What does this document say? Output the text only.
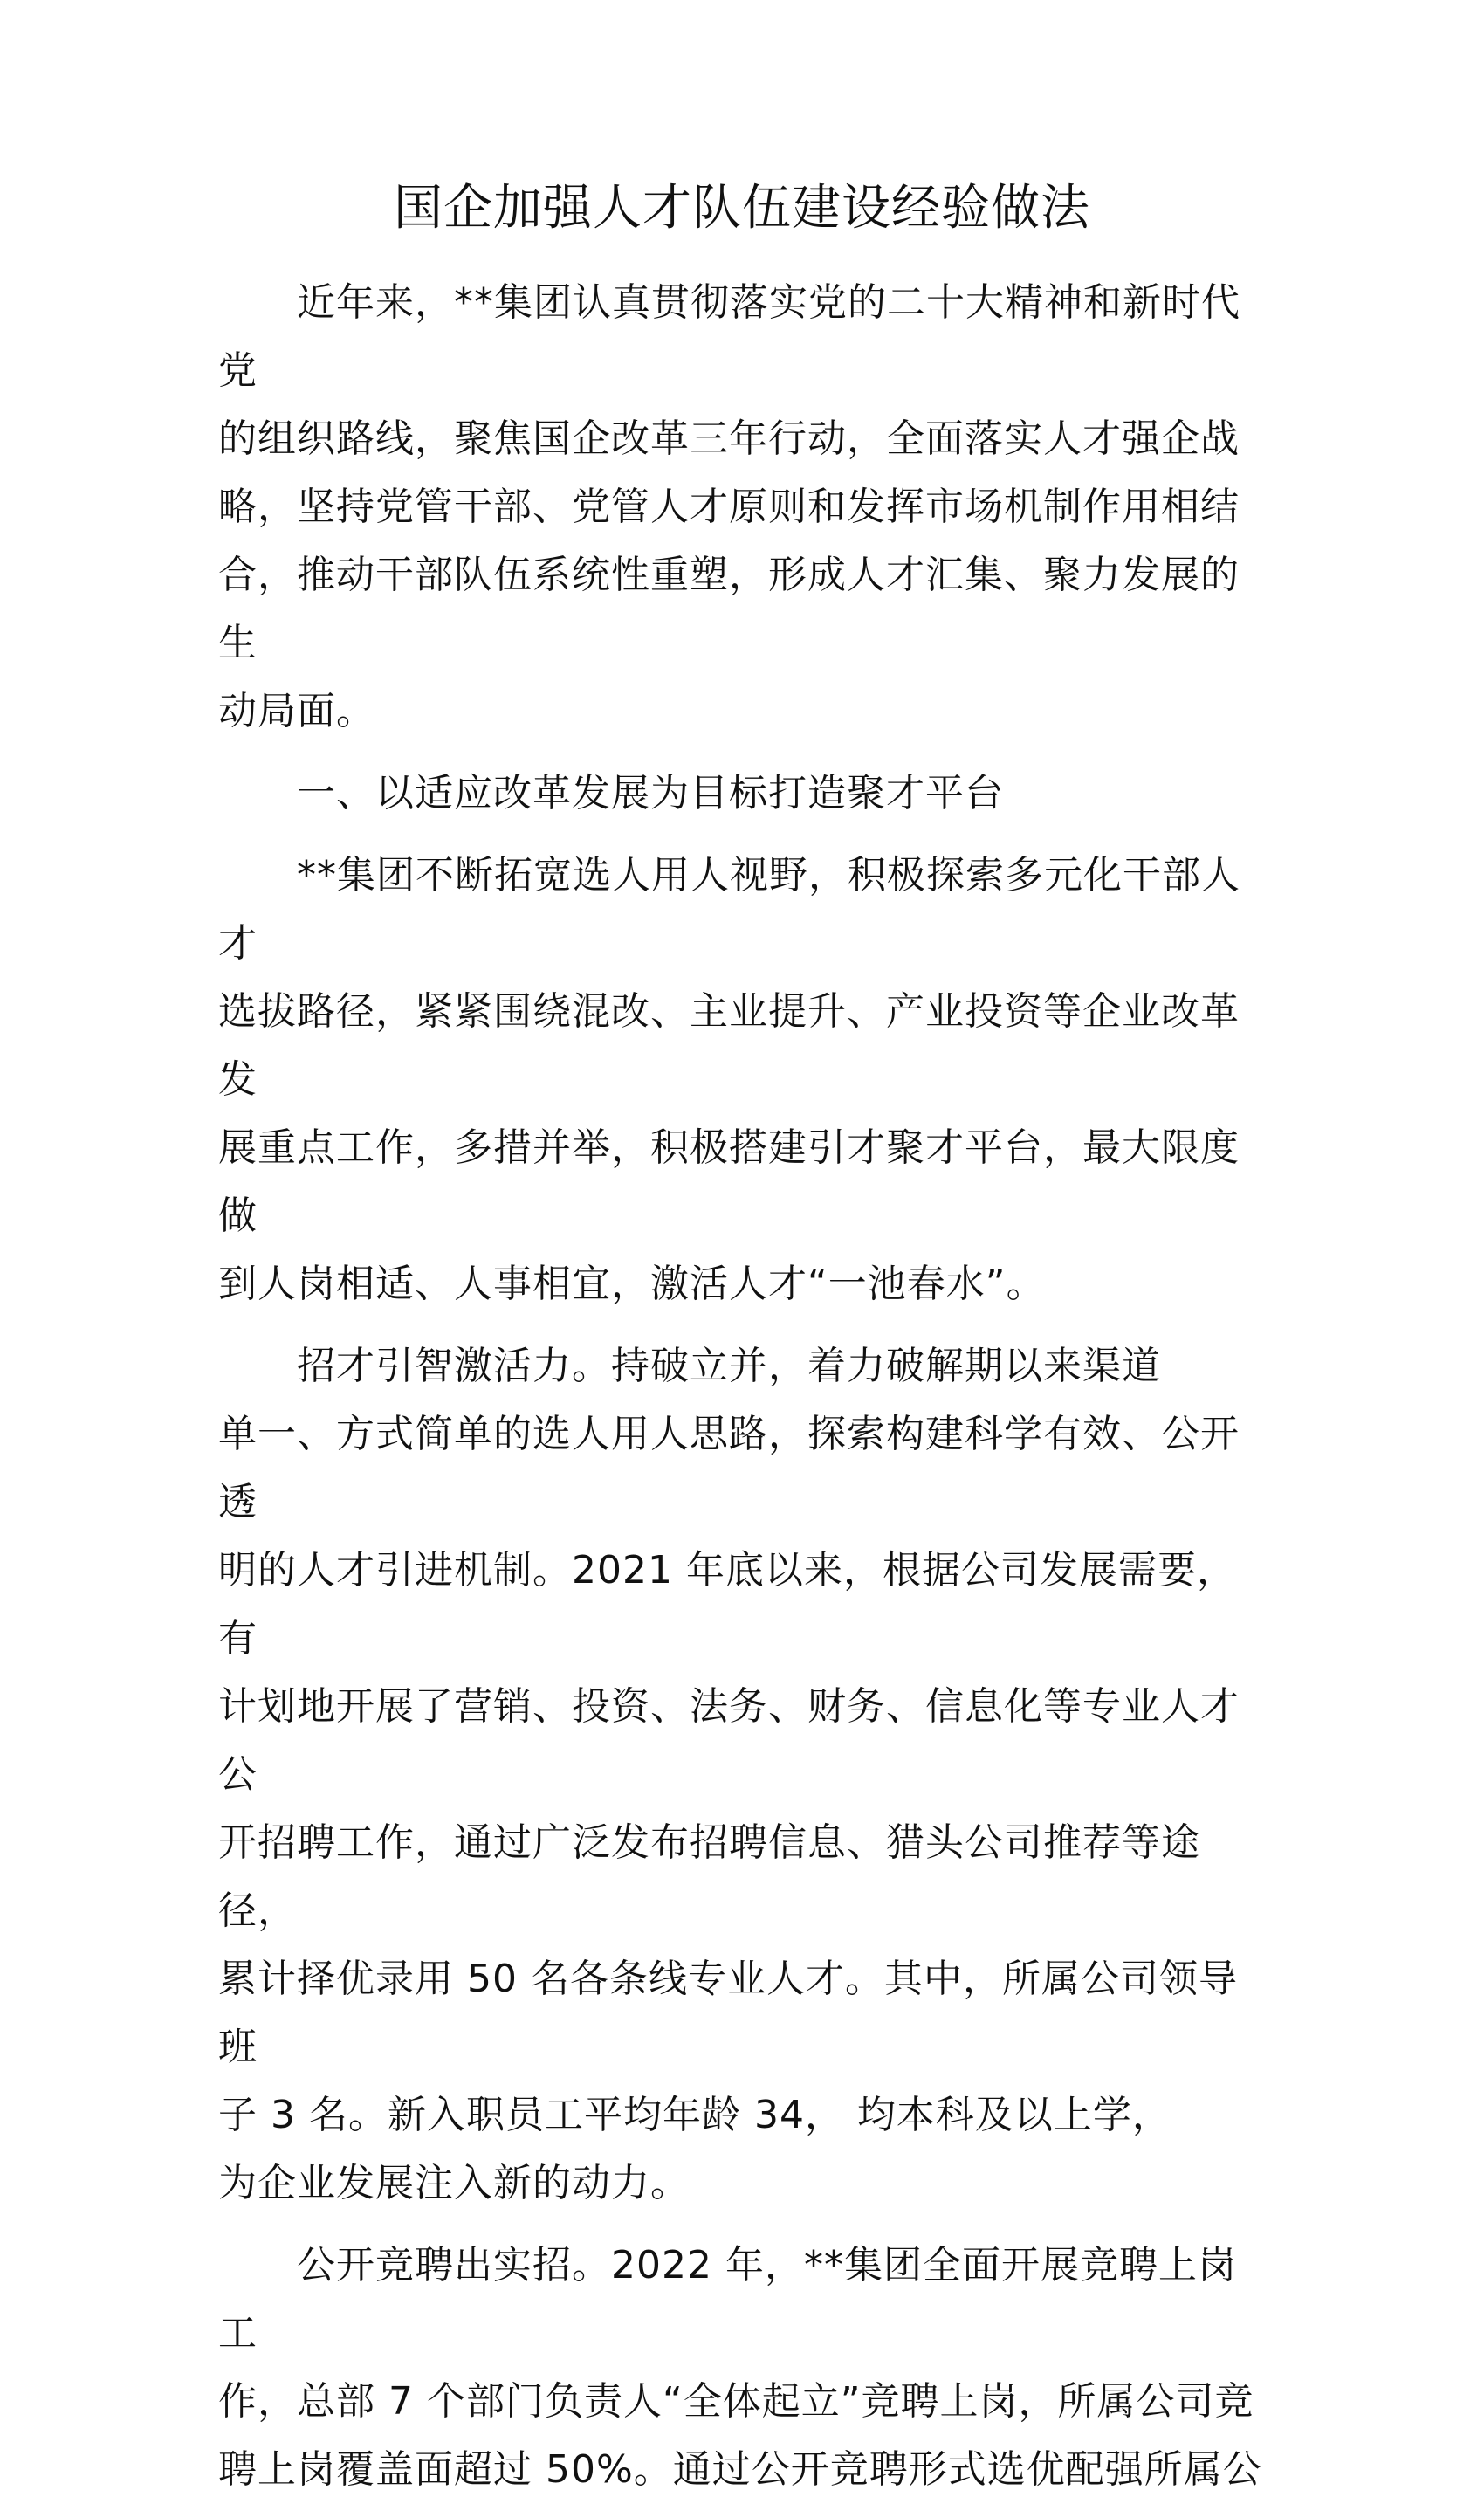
国企加强人才队伍建设经验做法

近年来，**集团认真贯彻落实党的二十大精神和新时代党
的组织路线，聚焦国企改革三年行动，全面落实人才强企战
略，坚持党管干部、党管人才原则和发挥市场机制作用相结
合，推动干部队伍系统性重塑，形成人才汇集、聚力发展的生
动局面。

一、以适应改革发展为目标打造聚才平台

**集团不断拓宽选人用人视野，积极探索多元化干部人才
选拔路径，紧紧围绕混改、主业提升、产业投资等企业改革发
展重点工作，多措并举，积极搭建引才聚才平台，最大限度做
到人岗相适、人事相宜，激活人才“一池春水”。

招才引智激活力。持破立并，着力破解期以来渠道
单一、方式简单的选人用人思路，探索构建科学有效、公开透
明的人才引进机制。2021 年底以来，根据公司发展需要，有
计划地开展了营销、投资、法务、财务、信息化等专业人才公
开招聘工作，通过广泛发布招聘信息、猎头公司推荐等途径，
累计择优录用 50 名各条线专业人才。其中，所属公司领导班
子 3 名。新入职员工平均年龄 34， 均本科及以上学，
为企业发展注入新的动力。

公开竞聘出实招。2022 年，**集团全面开展竞聘上岗工
作，总部 7 个部门负责人“全体起立”竞聘上岗，所属公司竞
聘上岗覆盖面超过 50%。通过公开竞聘形式选优配强所属公
